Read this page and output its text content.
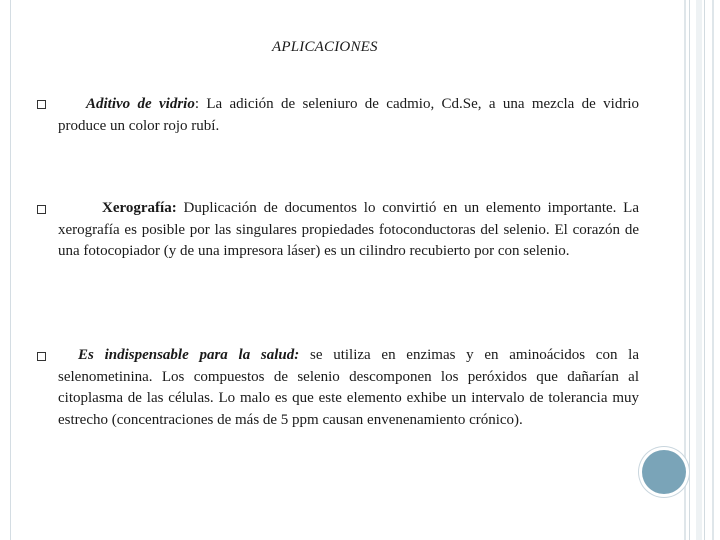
APLICACIONES
Aditivo de vidrio: La adición de seleniuro de cadmio, Cd.Se, a una mezcla de vidrio produce un color rojo rubí.
Xerografía: Duplicación de documentos lo convirtió en un elemento importante. La xerografía es posible por las singulares propiedades fotoconductoras del selenio. El corazón de una fotocopiador (y de una impresora láser) es un cilindro recubierto por con selenio.
Es indispensable para la salud: se utiliza en enzimas y en aminoácidos con la selenometinina. Los compuestos de selenio descomponen los peróxidos que dañarían al citoplasma de las células. Lo malo es que este elemento exhibe un intervalo de tolerancia muy estrecho (concentraciones de más de 5 ppm causan envenenamiento crónico).
